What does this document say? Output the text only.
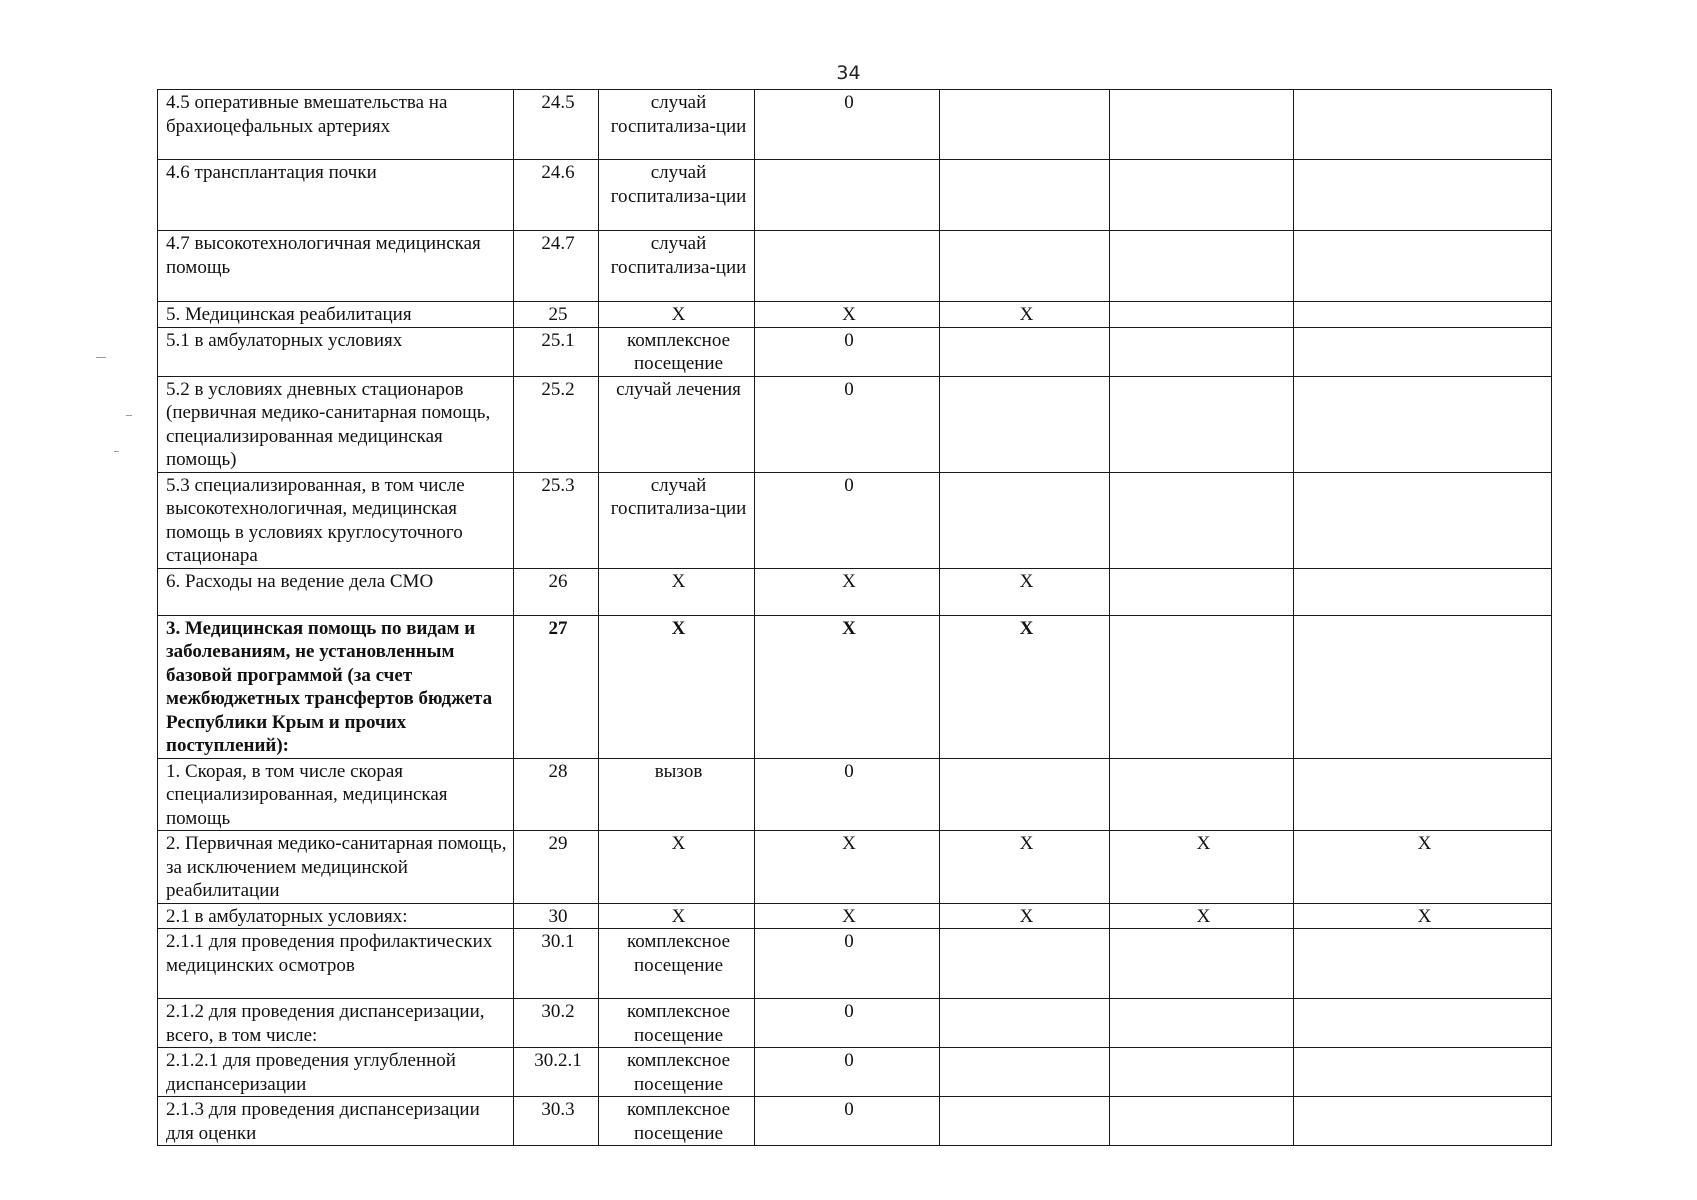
34
4.5 оперативные вмешательства на брахиоцефальных артериях	24.5	случай госпитализа-ции	0			
4.6 трансплантация почки	24.6	случай госпитализа-ции				
4.7 высокотехнологичная медицинская помощь	24.7	случай госпитализа-ции				
5. Медицинская реабилитация	25	Х	Х	Х		
5.1 в амбулаторных условиях	25.1	комплексное посещение	0			
5.2 в условиях дневных стационаров (первичная медико-санитарная помощь, специализированная медицинская помощь)	25.2	случай лечения	0			
5.3 специализированная, в том числе высокотехнологичная, медицинская помощь в условиях круглосуточного стационара	25.3	случай госпитализа-ции	0			
6. Расходы на ведение дела СМО	26	Х	Х	Х		
3. Медицинская помощь по видам и заболеваниям, не установленным базовой программой (за счет межбюджетных трансфертов бюджета Республики Крым и прочих поступлений):	27	Х	Х	Х		
1. Скорая, в том числе скорая специализированная, медицинская помощь	28	вызов	0			
2. Первичная медико-санитарная помощь, за исключением медицинской реабилитации	29	Х	Х	Х	Х	Х
2.1 в амбулаторных условиях:	30	Х	Х	Х	Х	Х
2.1.1 для проведения профилактических медицинских осмотров	30.1	комплексное посещение	0			
2.1.2 для проведения диспансеризации, всего, в том числе:	30.2	комплексное посещение	0			
2.1.2.1 для проведения углубленной диспансеризации	30.2.1	комплексное посещение	0			
2.1.3 для проведения диспансеризации для оценки	30.3	комплексное посещение	0			
